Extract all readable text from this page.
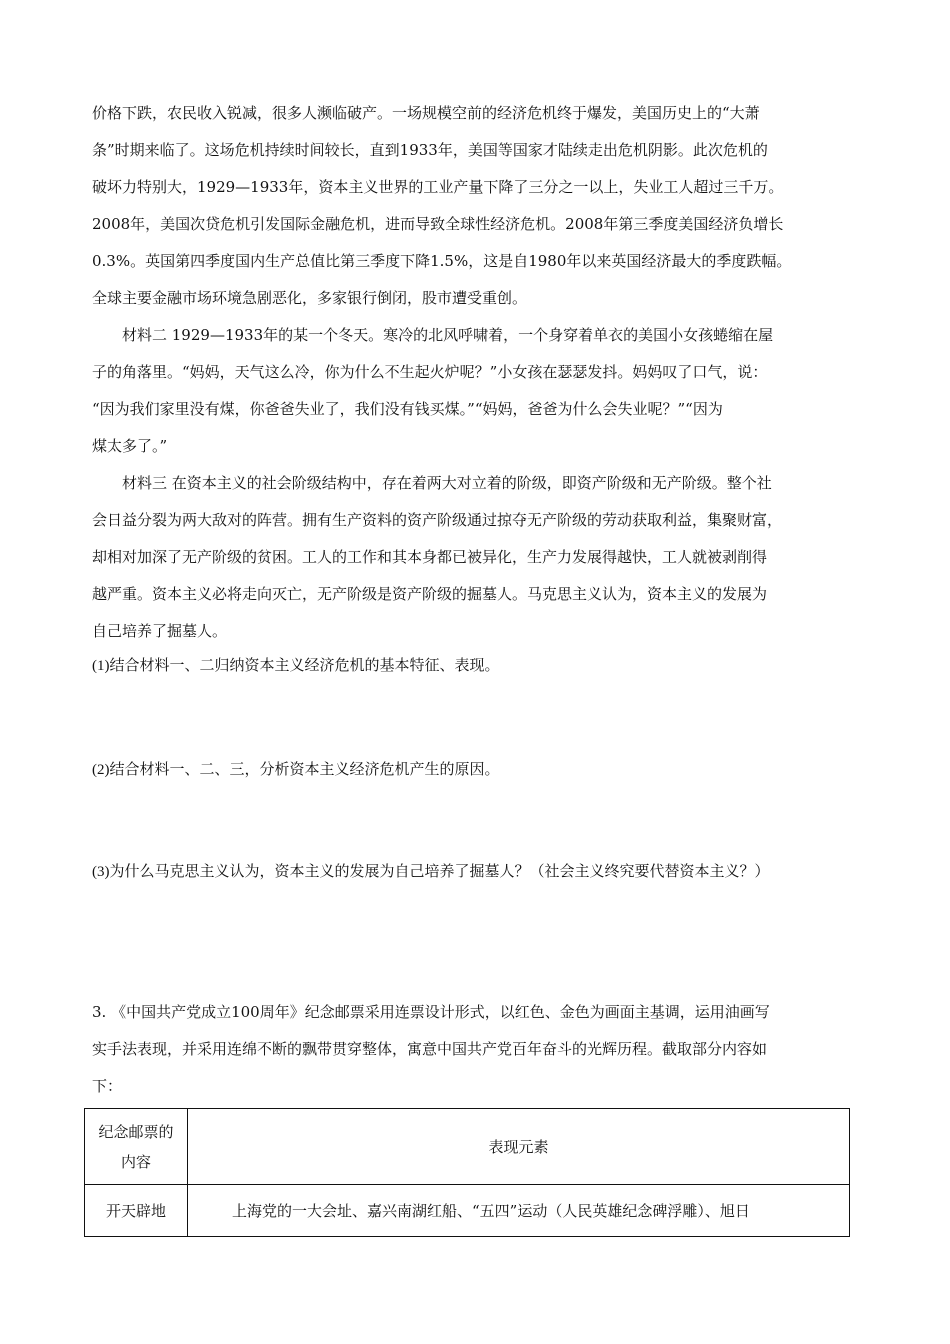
价格下跌，农民收入锐减，很多人濒临破产。一场规模空前的经济危机终于爆发，美国历史上的“大萧
条”时期来临了。这场危机持续时间较长，直到1933年，美国等国家才陆续走出危机阴影。此次危机的
破坏力特别大，1929—1933年，资本主义世界的工业产量下降了三分之一以上，失业工人超过三千万。
2008年，美国次贷危机引发国际金融危机，进而导致全球性经济危机。2008年第三季度美国经济负增长
0.3%。英国第四季度国内生产总值比第三季度下降1.5%，这是自1980年以来英国经济最大的季度跌幅。
全球主要金融市场环境急剧恶化，多家银行倒闭，股市遭受重创。
材料二 1929—1933年的某一个冬天。寒冷的北风呼啸着，一个身穿着单衣的美国小女孩蜷缩在屋
子的角落里。“妈妈，天气这么冷，你为什么不生起火炉呢？”小女孩在瑟瑟发抖。妈妈叹了口气，说：
“因为我们家里没有煤，你爸爸失业了，我们没有钱买煤。”“妈妈，爸爸为什么会失业呢？”“因为
煤太多了。”
材料三 在资本主义的社会阶级结构中，存在着两大对立着的阶级，即资产阶级和无产阶级。整个社
会日益分裂为两大敌对的阵营。拥有生产资料的资产阶级通过掠夺无产阶级的劳动获取利益，集聚财富，
却相对加深了无产阶级的贫困。工人的工作和其本身都已被异化，生产力发展得越快，工人就被剥削得
越严重。资本主义必将走向灭亡，无产阶级是资产阶级的掘墓人。马克思主义认为，资本主义的发展为
自己培养了掘墓人。
(1)结合材料一、二归纳资本主义经济危机的基本特征、表现。
(2)结合材料一、二、三，分析资本主义经济危机产生的原因。
(3)为什么马克思主义认为，资本主义的发展为自己培养了掘墓人？（社会主义终究要代替资本主义？）
3. 《中国共产党成立100周年》纪念邮票采用连票设计形式，以红色、金色为画面主基调，运用油画写
实手法表现，并采用连绵不断的飘带贯穿整体，寓意中国共产党百年奋斗的光辉历程。截取部分内容如
下：
纪念邮票的
内容	表现元素
开天辟地	上海党的一大会址、嘉兴南湖红船、“五四”运动（人民英雄纪念碑浮雕）、旭日
